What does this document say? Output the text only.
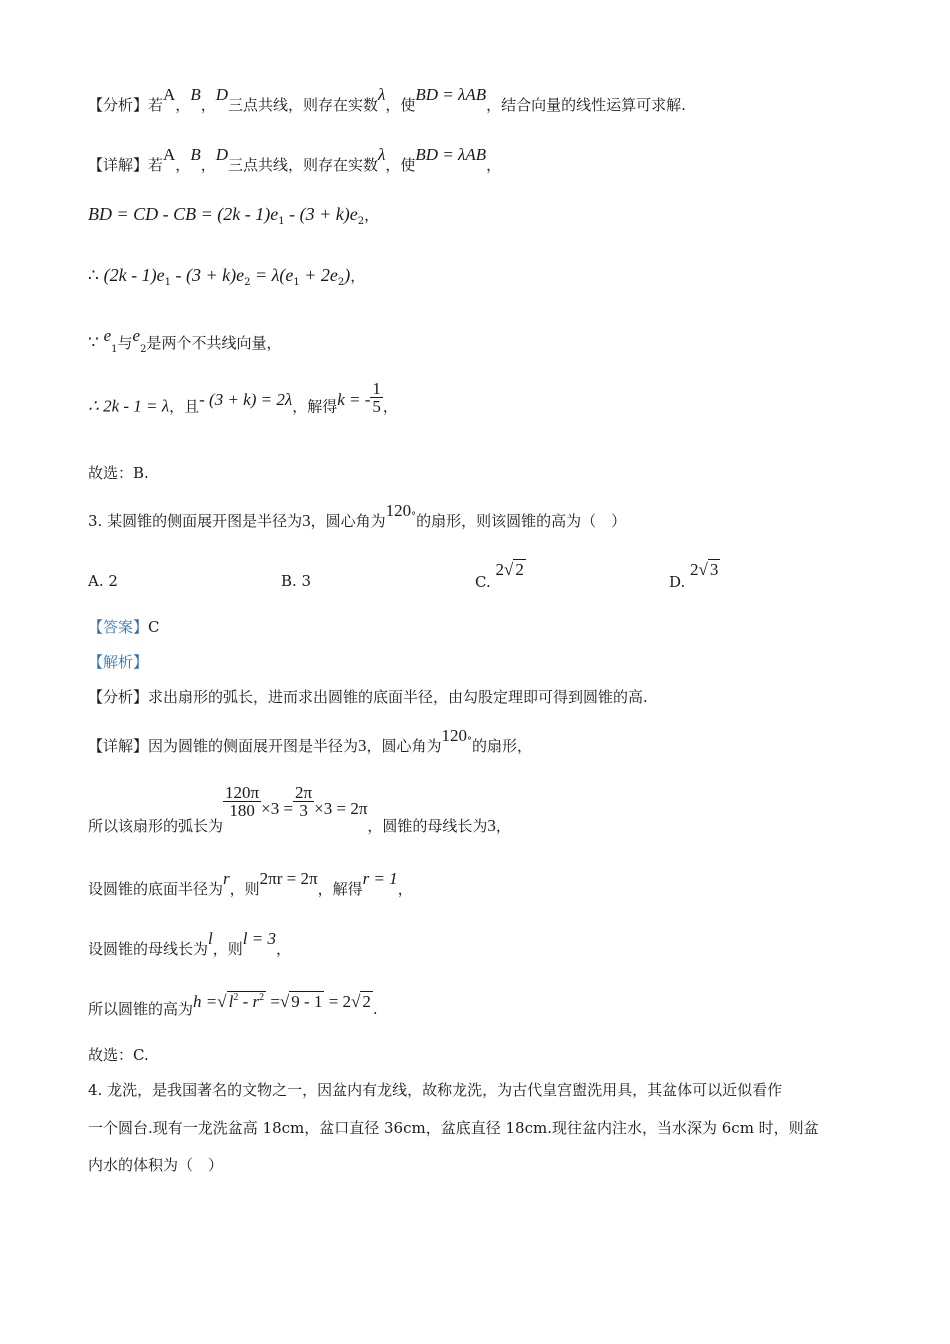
【分析】若A，B，D三点共线，则存在实数λ，使BD = λAB，结合向量的线性运算可求解.
【详解】若A，B，D三点共线，则存在实数λ，使BD = λAB，
BD = CD - CB = $(2k - 1)e_1 - (3 + k)e_2$，
∴ $(2k - 1)e_1 - (3 + k)e_2 = \lambda(e_1 + 2e_2)$，
∵ $e_1$与$e_2$是两个不共线向量，
∴ 2k - 1 = λ，且- (3 + k) = 2λ，解得k = - $\frac{1}{5}$ ，
故选：B.
3. 某圆锥的侧面展开图是半径为3，圆心角为120°的扇形，则该圆锥的高为（　）
A. 2	B. 3	C. 2√ 2
D. 2√ 3
【答案】C
【解析】
【分析】求出扇形的弧长，进而求出圆锥的底面半径，由勾股定理即可得到圆锥的高.
【详解】因为圆锥的侧面展开图是半径为3，圆心角为120°的扇形，
所以该扇形的弧长为
$\frac{120\pi}{180} \times 3 = \frac{2\pi}{3} \times 3 = 2\pi$，圆锥的母线长为3，
设圆锥的底面半径为r，则2πr = 2π，解得r = 1，
设圆锥的母线长为l，则l = 3，
所以圆锥的高为h =√ $l^2 - r^2$ =√ 9 - 1 = 2√ 2 .
故选：C.
4. 龙洗，是我国著名的文物之一，因盆内有龙线，故称龙洗，为古代皇宫盥洗用具，其盆体可以近似看作
一个圆台.现有一龙洗盆高 18cm，盆口直径 36cm，盆底直径 18cm.现往盆内注水，当水深为 6cm 时，则盆
内水的体积为（　）
